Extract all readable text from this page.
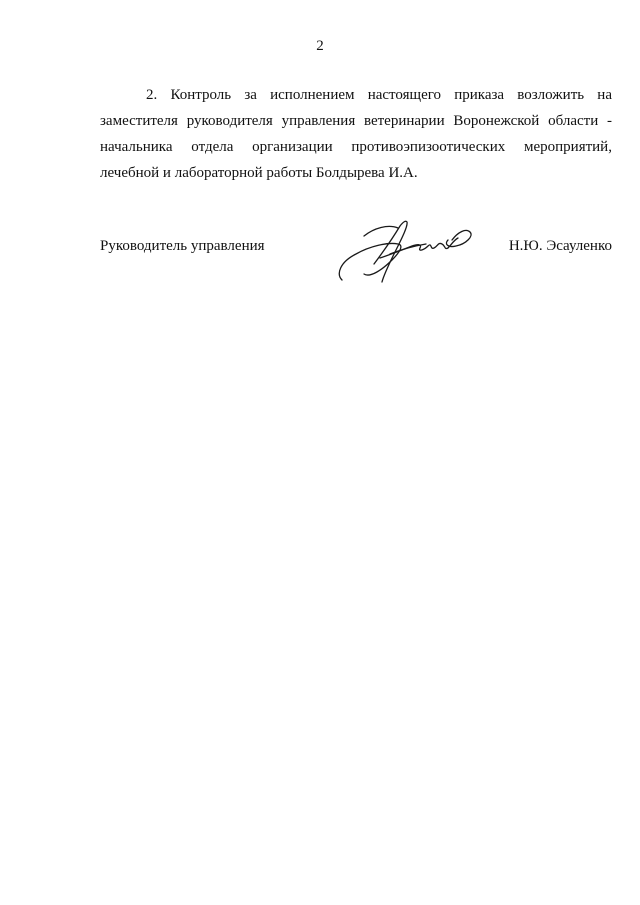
2
2. Контроль за исполнением настоящего приказа возложить на
заместителя руководителя управления ветеринарии Воронежской области -
начальника отдела организации противоэпизоотических мероприятий,
лечебной
и
лабораторной
работы
Болдырева
И.А.
Руководитель управления	Н.Ю. Эсауленко
